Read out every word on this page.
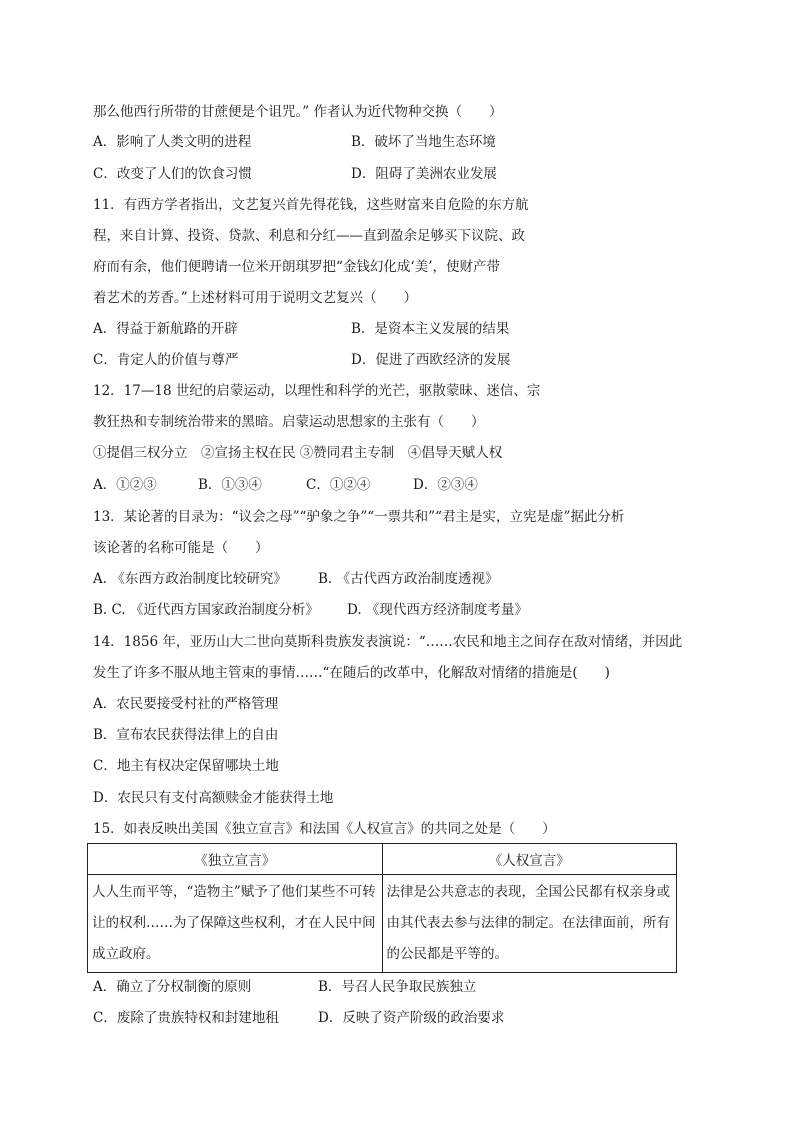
那么他西行所带的甘蔗便是个诅咒。” 作者认为近代物种交换（　　）
A．影响了人类文明的进程	B．破坏了当地生态环境
C．改变了人们的饮食习惯	D．阻碍了美洲农业发展
11．有西方学者指出，文艺复兴首先得花钱，这些财富来自危险的东方航
程，来自计算、投资、贷款、利息和分红——直到盈余足够买下议院、政
府而有余，他们便聘请一位米开朗琪罗把“金钱幻化成‘美’，使财产带
着艺术的芳香。”上述材料可用于说明文艺复兴（　　）
A．得益于新航路的开辟	B．是资本主义发展的结果
C．肯定人的价值与尊严	D．促进了西欧经济的发展
12．17—18 世纪的启蒙运动，以理性和科学的光芒，驱散蒙昧、迷信、宗
教狂热和专制统治带来的黑暗。启蒙运动思想家的主张有（　　）
①提倡三权分立　②宣扬主权在民 ③赞同君主专制　④倡导天赋人权
A．①②③	B．①③④	C．①②④	D．②③④
13．某论著的目录为：“议会之母”“驴象之争”“一票共和”“君主是实，立宪是虚”据此分析
该论著的名称可能是（　　）
A. 《东西方政治制度比较研究》 B. 《古代西方政治制度透视》
B. C. 《近代西方国家政治制度分析》 D. 《现代西方经济制度考量》
14．1856 年，亚历山大二世向莫斯科贵族发表演说：“……农民和地主之间存在敌对情绪，并因此
发生了许多不服从地主管束的事情……“在随后的改革中，化解敌对情绪的措施是(　　)
A．农民要接受村社的严格管理
B．宣布农民获得法律上的自由
C．地主有权决定保留哪块土地
D．农民只有支付高额赎金才能获得土地
15．如表反映出美国《独立宣言》和法国《人权宣言》的共同之处是（　　）
《独立宣言》	《人权宣言》
人人生而平等，“造物主”赋予了他们某些不可转让的权利……为了保障这些权利，才在人民中间成立政府。	法律是公共意志的表现，全国公民都有权亲身或由其代表去参与法律的制定。在法律面前，所有的公民都是平等的。
A．确立了分权制衡的原则	B．号召人民争取民族独立
C．废除了贵族特权和封建地租	D．反映了资产阶级的政治要求
